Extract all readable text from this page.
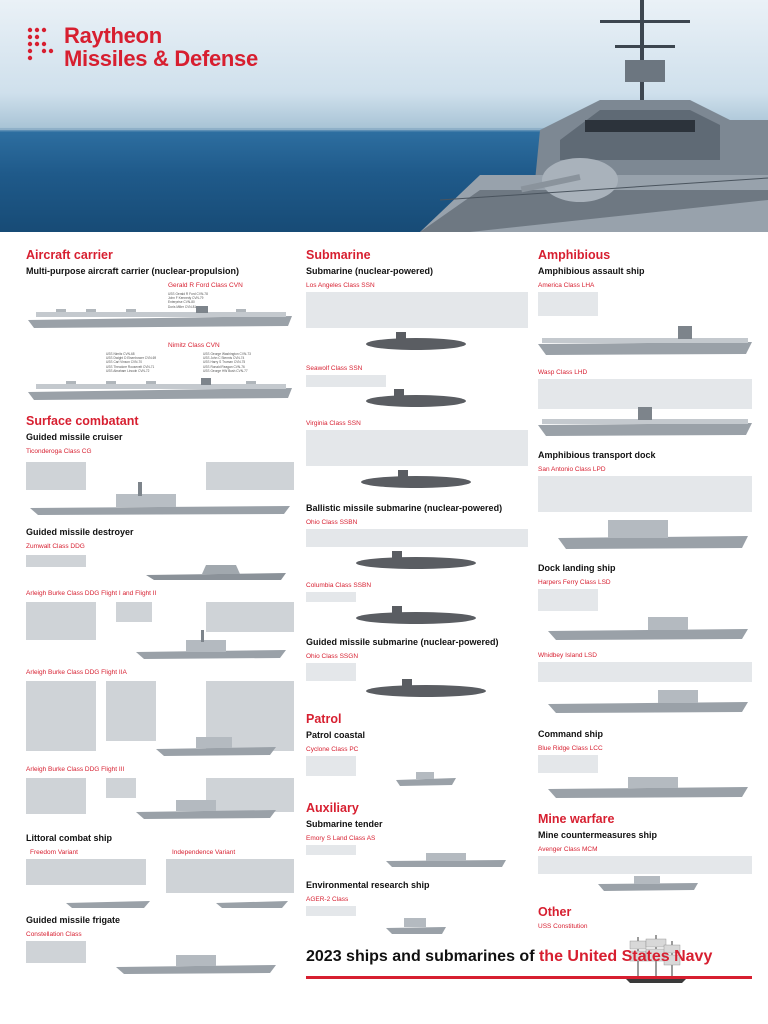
Raytheon
Missiles & Defense
Aircraft carrier
Multi-purpose aircraft carrier (nuclear-propulsion)
Gerald R Ford Class CVN
USS Gerald R Ford CVN-78
John F Kennedy CVN-79
Enterprise CVN-80
Doris Miller CVN-81
Nimitz Class CVN
USS Nimitz CVN-68
USS Dwight D Eisenhower CVN-69
USS Carl Vinson CVN-70
USS Theodore Roosevelt CVN-71
USS Abraham Lincoln CVN-72
USS George Washington CVN-73
USS John C Stennis CVN-74
USS Harry S Truman CVN-75
USS Ronald Reagan CVN-76
USS George HW Bush CVN-77
Surface combatant
Guided missile cruiser
Ticonderoga Class CG
Guided missile destroyer
Zumwalt Class DDG
Arleigh Burke Class DDG Flight I and Flight II
Arleigh Burke Class DDG Flight IIA
Arleigh Burke Class DDG Flight III
Littoral combat ship
Freedom Variant	Independence Variant
Guided missile frigate
Constellation Class
Submarine
Submarine (nuclear-powered)
Los Angeles Class SSN
Seawolf Class SSN
Virginia Class SSN
Ballistic missile submarine (nuclear-powered)
Ohio Class SSBN
Columbia Class SSBN
Guided missile submarine (nuclear-powered)
Ohio Class SSGN
Patrol
Patrol coastal
Cyclone Class PC
Auxiliary
Submarine tender
Emory S Land Class AS
Environmental research ship
AGER-2 Class
Amphibious
Amphibious assault ship
America Class LHA
Wasp Class LHD
Amphibious transport dock
San Antonio Class LPD
Dock landing ship
Harpers Ferry Class LSD
Whidbey Island LSD
Command ship
Blue Ridge Class LCC
Mine warfare
Mine countermeasures ship
Avenger Class MCM
Other
USS Constitution
2023 ships and submarines of the United States Navy
